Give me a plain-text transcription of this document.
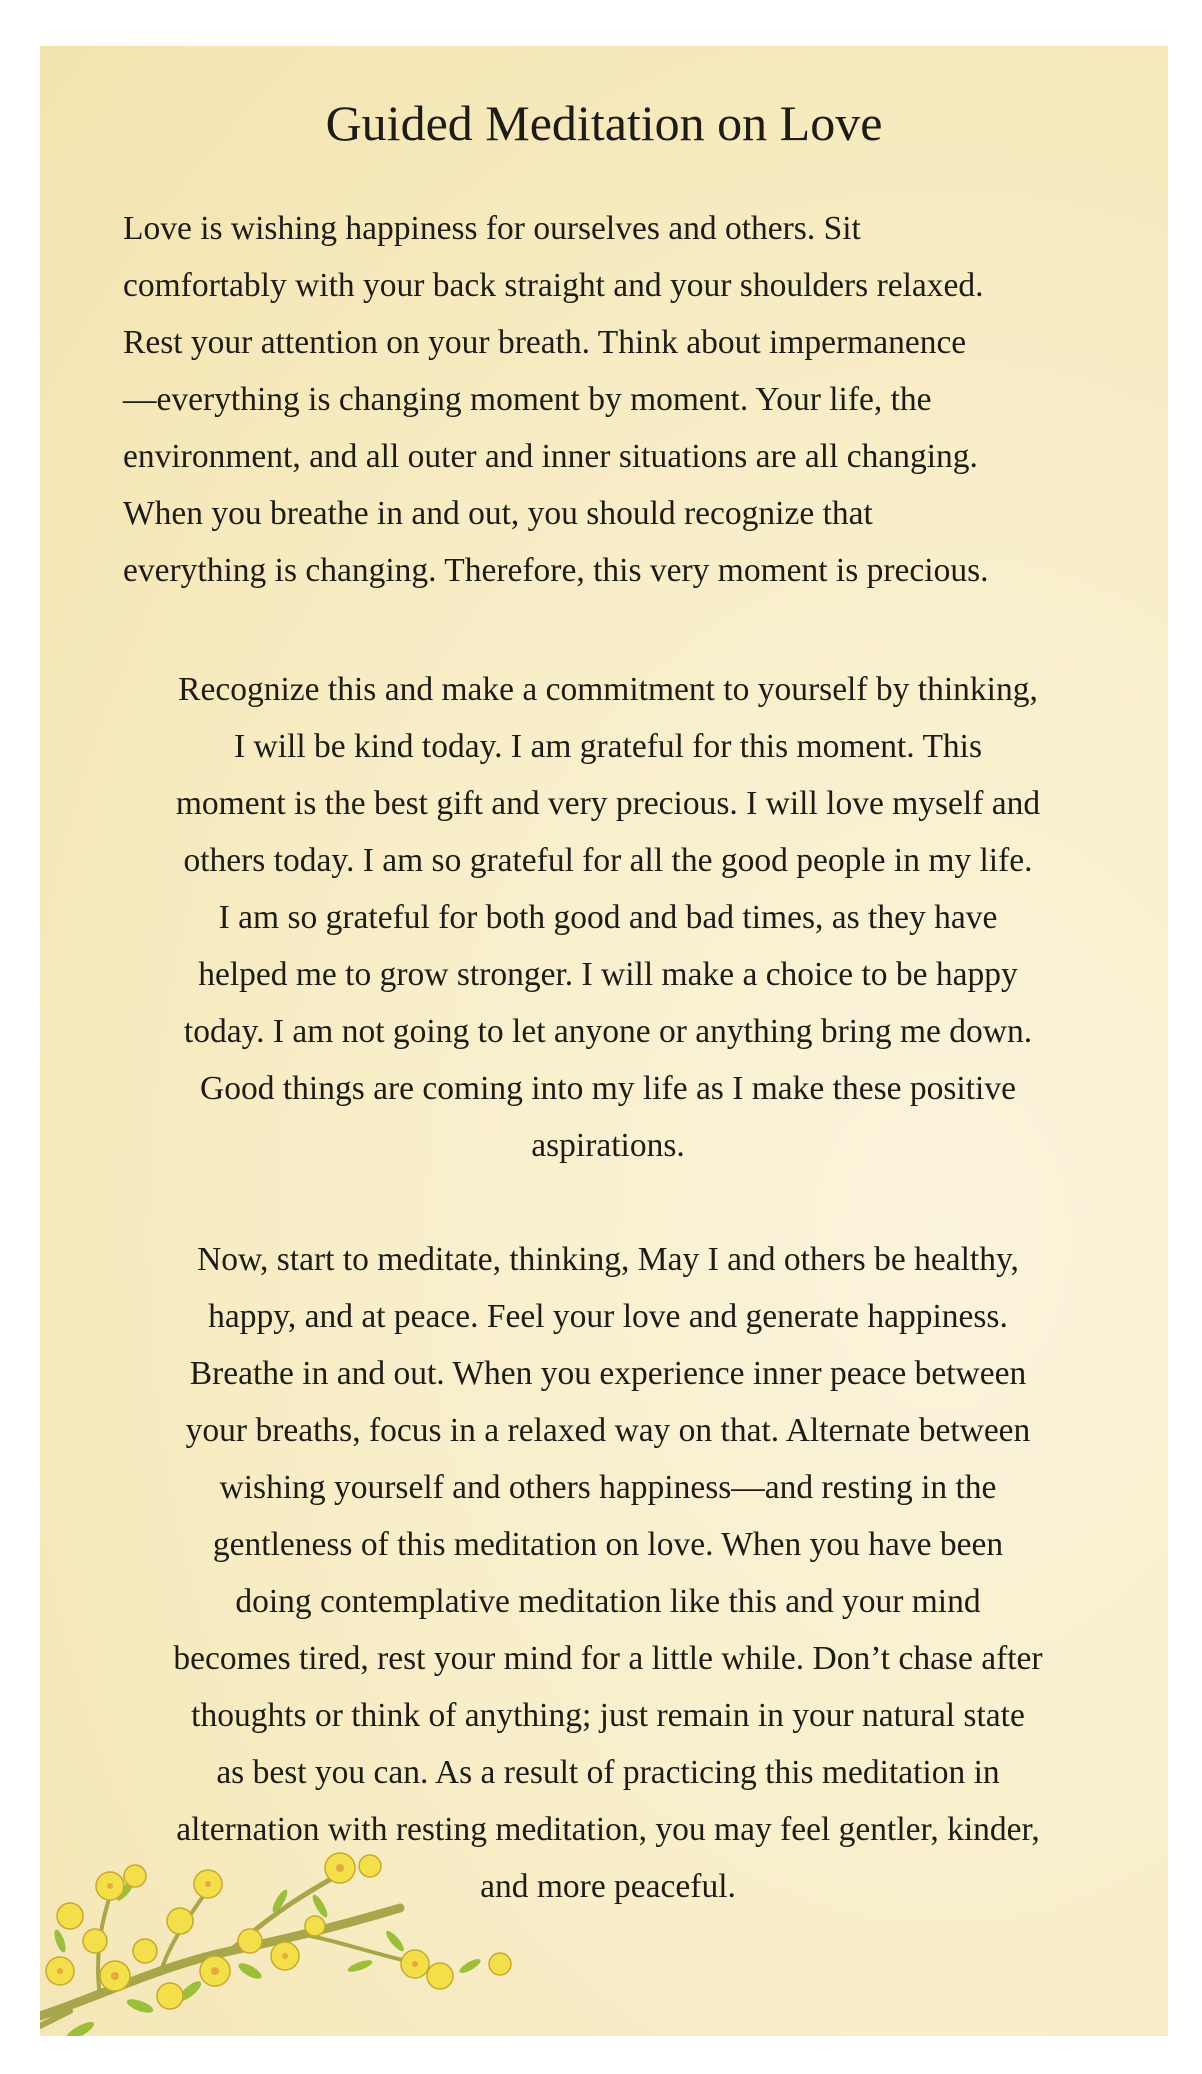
Guided Meditation on Love

Love is wishing happiness for ourselves and others. Sit
comfortably with your back straight and your shoulders relaxed.
Rest your attention on your breath. Think about impermanence
—everything is changing moment by moment. Your life, the
environment, and all outer and inner situations are all changing.
When you breathe in and out, you should recognize that
everything is changing. Therefore, this very moment is precious.

Recognize this and make a commitment to yourself by thinking,
I will be kind today. I am grateful for this moment. This
moment is the best gift and very precious. I will love myself and
others today. I am so grateful for all the good people in my life.
I am so grateful for both good and bad times, as they have
helped me to grow stronger. I will make a choice to be happy
today. I am not going to let anyone or anything bring me down.
Good things are coming into my life as I make these positive
aspirations.

Now, start to meditate, thinking, May I and others be healthy,
happy, and at peace. Feel your love and generate happiness.
Breathe in and out. When you experience inner peace between
your breaths, focus in a relaxed way on that. Alternate between
wishing yourself and others happiness—and resting in the
gentleness of this meditation on love. When you have been
doing contemplative meditation like this and your mind
becomes tired, rest your mind for a little while. Don’t chase after
thoughts or think of anything; just remain in your natural state
as best you can. As a result of practicing this meditation in
alternation with resting meditation, you may feel gentler, kinder,
and more peaceful.
